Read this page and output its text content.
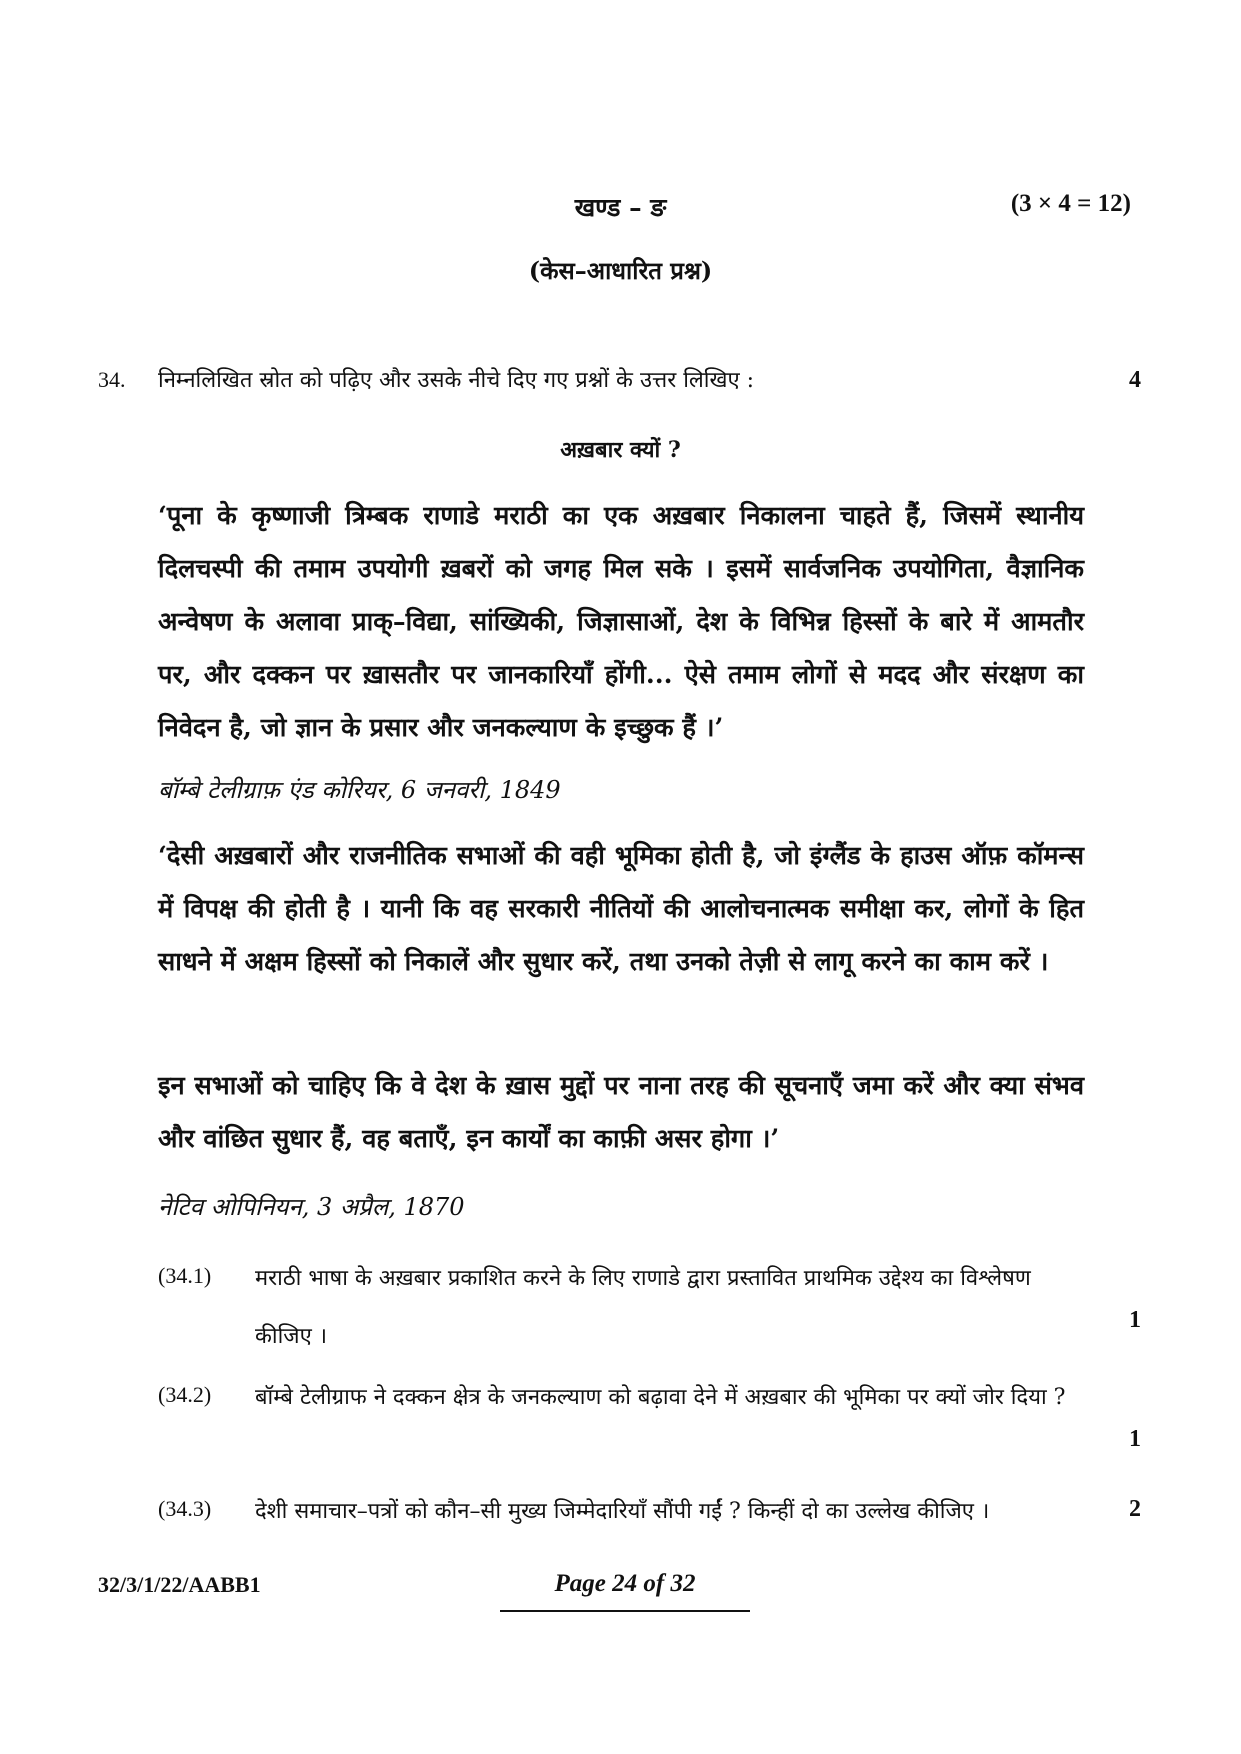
खण्ड – ङ	(3 × 4 = 12)
(केस–आधारित प्रश्न)
34. निम्नलिखित स्रोत को पढ़िए और उसके नीचे दिए गए प्रश्नों के उत्तर लिखिए :	4
अख़बार क्यों ?
‘पूना के कृष्णाजी त्रिम्बक राणाडे मराठी का एक अख़बार निकालना चाहते हैं, जिसमें स्थानीय दिलचस्पी की तमाम उपयोगी ख़बरों को जगह मिल सके । इसमें सार्वजनिक उपयोगिता, वैज्ञानिक अन्वेषण के अलावा प्राक्–विद्या, सांख्यिकी, जिज्ञासाओं, देश के विभिन्न हिस्सों के बारे में आमतौर पर, और दक्कन पर ख़ासतौर पर जानकारियाँ होंगी... ऐसे तमाम लोगों से मदद और संरक्षण का निवेदन है, जो ज्ञान के प्रसार और जनकल्याण के इच्छुक हैं ।’
बॉम्बे टेलीग्राफ़ एंड कोरियर, 6 जनवरी, 1849
‘देसी अख़बारों और राजनीतिक सभाओं की वही भूमिका होती है, जो इंग्लैंड के हाउस ऑफ़ कॉमन्स में विपक्ष की होती है । यानी कि वह सरकारी नीतियों की आलोचनात्मक समीक्षा कर, लोगों के हित साधने में अक्षम हिस्सों को निकालें और सुधार करें, तथा उनको तेज़ी से लागू करने का काम करें ।
इन सभाओं को चाहिए कि वे देश के ख़ास मुद्दों पर नाना तरह की सूचनाएँ जमा करें और क्या संभव और वांछित सुधार हैं, वह बताएँ, इन कार्यों का काफ़ी असर होगा ।’
नेटिव ओपिनियन, 3 अप्रैल, 1870
(34.1) मराठी भाषा के अख़बार प्रकाशित करने के लिए राणाडे द्वारा प्रस्तावित प्राथमिक उद्देश्य का विश्लेषण कीजिए ।
1
(34.2) बॉम्बे टेलीग्राफ ने दक्कन क्षेत्र के जनकल्याण को बढ़ावा देने में अख़बार की भूमिका पर क्यों जोर दिया ?
1
(34.3) देशी समाचार–पत्रों को कौन–सी मुख्य जिम्मेदारियाँ सौंपी गईं ? किन्हीं दो का उल्लेख कीजिए ।	2
32/3/1/22/AABB1	Page 24 of 32
